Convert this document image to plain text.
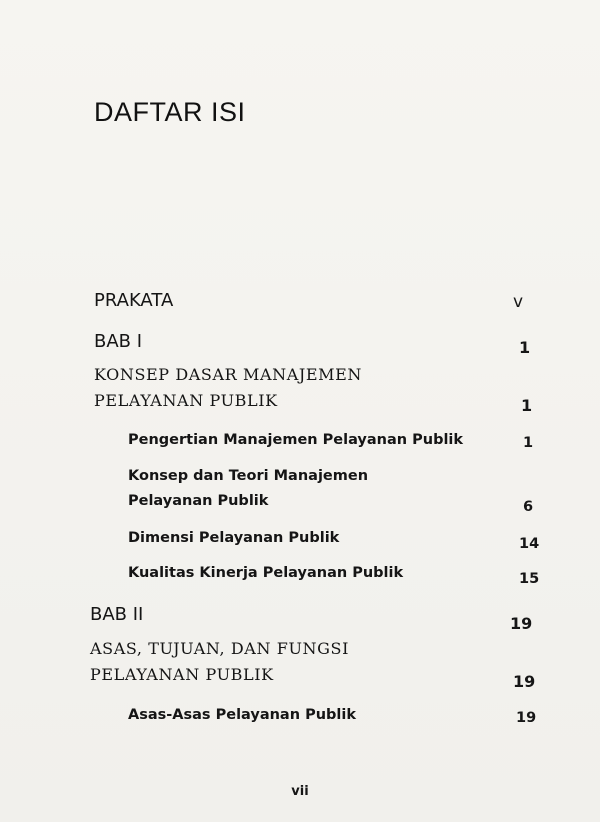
DAFTAR ISI
PRAKATA	v
BAB I	1
KONSEP DASAR MANAJEMEN
PELAYANAN PUBLIK	1
Pengertian Manajemen Pelayanan Publik	1
Konsep dan Teori Manajemen
Pelayanan Publik	6
Dimensi Pelayanan Publik	14
Kualitas Kinerja Pelayanan Publik	15
BAB II	19
ASAS, TUJUAN, DAN FUNGSI
PELAYANAN PUBLIK	19
Asas-Asas Pelayanan Publik	19
vii
